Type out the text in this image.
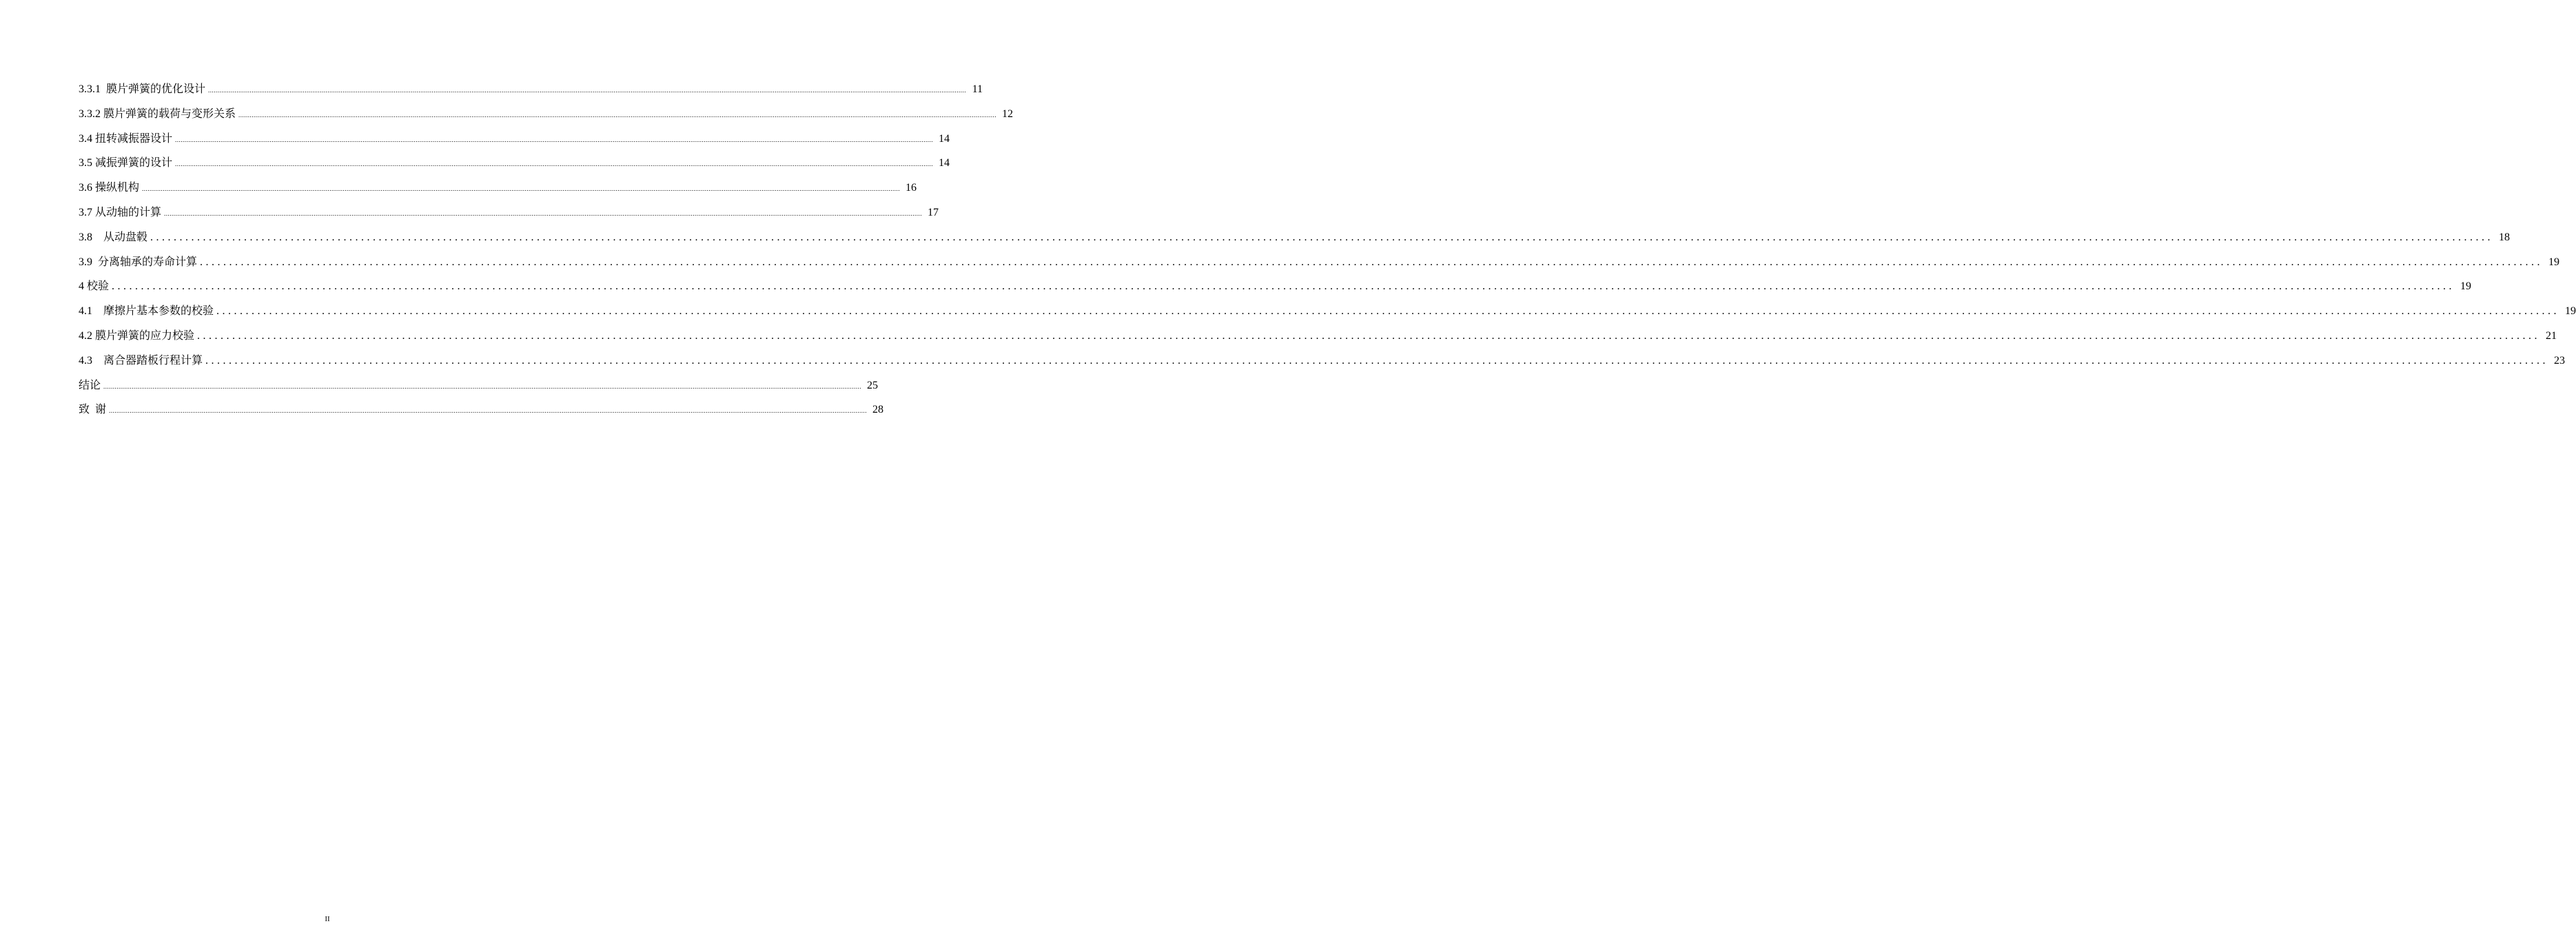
3.3.1  膜片弹簧的优化设计 ................................................................................................................................................................................................................................................................................................................................................................................................................ 11
3.3.2 膜片弹簧的载荷与变形关系 ................................................................................................................................................................................................................................................................................................................................................................................................................ 12
3.4 扭转减振器设计 ................................................................................................................................................................................................................................................................................................................................................................................................................ 14
3.5 减振弹簧的设计 ................................................................................................................................................................................................................................................................................................................................................................................................................ 14
3.6 操纵机构 ................................................................................................................................................................................................................................................................................................................................................................................................................ 16
3.7 从动轴的计算 ................................................................................................................................................................................................................................................................................................................................................................................................................ 17
3.8    从动盘毂 ................................................................................................................................................................................................................................................................................................................................................................................................................ 18
3.9  分离轴承的寿命计算 ................................................................................................................................................................................................................................................................................................................................................................................................................ 19
4 校验 ................................................................................................................................................................................................................................................................................................................................................................................................................ 19
4.1    摩擦片基本参数的校验 ................................................................................................................................................................................................................................................................................................................................................................................................................ 19
4.2 膜片弹簧的应力校验 ................................................................................................................................................................................................................................................................................................................................................................................................................ 21
4.3    离合器踏板行程计算 ................................................................................................................................................................................................................................................................................................................................................................................................................ 23
结论 ................................................................................................................................................................................................................................................................................................................................................................................................................ 25
致  谢 ................................................................................................................................................................................................................................................................................................................................................................................................................ 28
II
